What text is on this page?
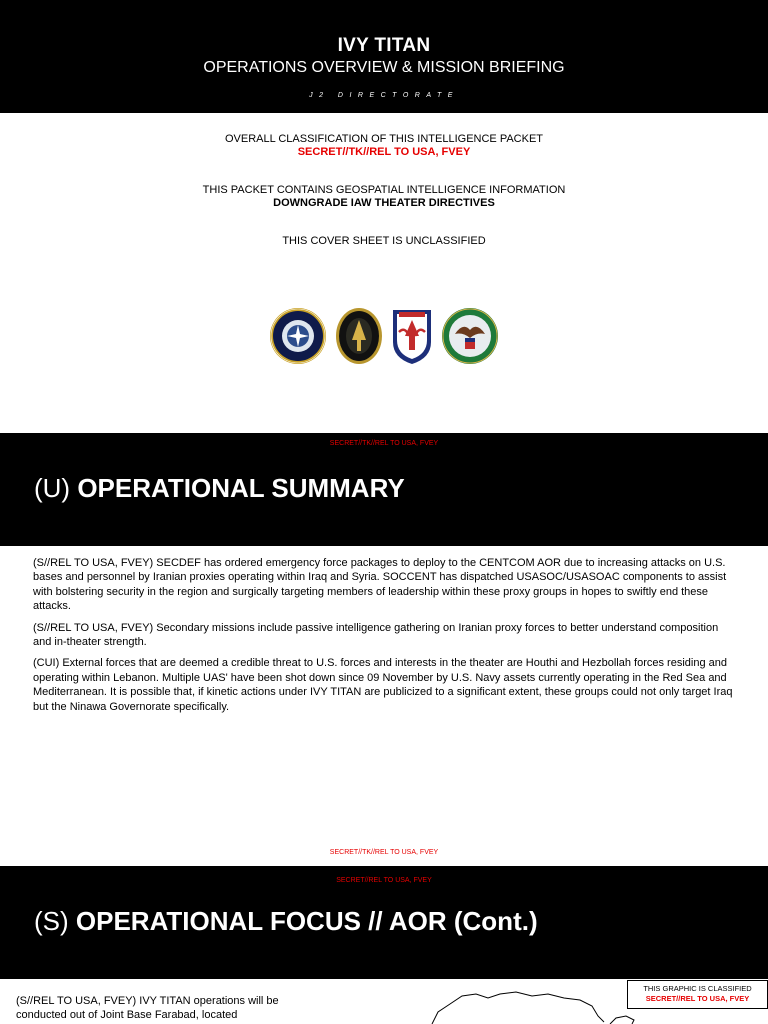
IVY TITAN
OPERATIONS OVERVIEW & MISSION BRIEFING
J2 DIRECTORATE
OVERALL CLASSIFICATION OF THIS INTELLIGENCE PACKET
SECRET//TK//REL TO USA, FVEY
THIS PACKET CONTAINS GEOSPATIAL INTELLIGENCE INFORMATION
DOWNGRADE IAW THEATER DIRECTIVES
THIS COVER SHEET IS UNCLASSIFIED
SECRET//TK//REL TO USA, FVEY
(U) OPERATIONAL SUMMARY

(S//REL TO USA, FVEY) SECDEF has ordered emergency force packages to deploy to the CENTCOM AOR due to increasing attacks on U.S. bases and personnel by Iranian proxies operating within Iraq and Syria. SOCCENT has dispatched USASOC/USASOAC components to assist with bolstering security in the region and surgically targeting members of leadership within these proxy groups in hopes to swiftly end these attacks.

(S//REL TO USA, FVEY) Secondary missions include passive intelligence gathering on Iranian proxy forces to better understand composition and in-theater strength.

(CUI) External forces that are deemed a credible threat to U.S. forces and interests in the theater are Houthi and Hezbollah forces residing and operating within Lebanon. Multiple UAS' have been shot down since 09 November by U.S. Navy assets currently operating in the Red Sea and Mediterranean. It is possible that, if kinetic actions under IVY TITAN are publicized to a significant extent, these groups could not only target Iraq but the Ninawa Governorate specifically.

SECRET//TK//REL TO USA, FVEY
SECRET//REL TO USA, FVEY
(S) OPERATIONAL FOCUS // AOR (Cont.)
(S//REL TO USA, FVEY) IVY TITAN operations will be conducted out of Joint Base Farabad, located
THIS GRAPHIC IS CLASSIFIED
SECRET//REL TO USA, FVEY
